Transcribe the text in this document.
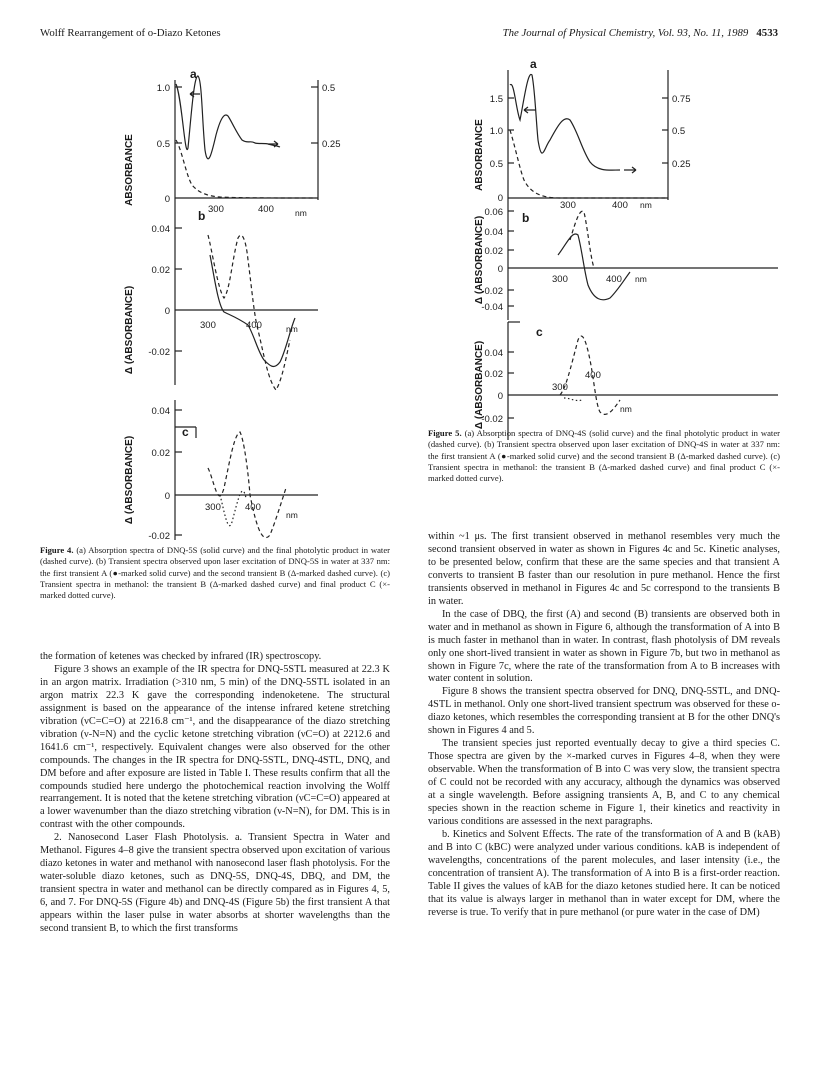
Wolff Rearrangement of o-Diazo Ketones	The Journal of Physical Chemistry, Vol. 93, No. 11, 1989 4533
ABSORBANCE
Δ (ABSORBANCE)
Δ (ABSORBANCE)
a
1.0
0.5
0
0.5
0.25
b 300	400 nm
0.04
0.02
0
-0.02
300	400	nm
c
0.04
0.02
0
-0.02
300	400
nm
Figure 4. (a) Absorption spectra of DNQ-5S (solid curve) and the final photolytic product in water (dashed curve). (b) Transient spectra observed upon laser excitation of DNQ-5S in water at 337 nm: the first transient A (●-marked solid curve) and the second transient B (Δ-marked dashed curve). (c) Transient spectra in methanol: the transient B (Δ-marked dashed curve) and final product C (×-marked dotted curve).
ABSORBANCE
Δ (ABSORBANCE)
Δ (ABSORBANCE)
a
1.5
1.0
0.5
0
0.75
0.5
0.25
b
300	400 nm
0.06
0.04
0.02
0
-0.02
-0.04
300	400 nm
c
0.04
0.02
0
-0.02
300
400
nm
Figure 5. (a) Absorption spectra of DNQ-4S (solid curve) and the final photolytic product in water (dashed curve). (b) Transient spectra observed upon laser excitation of DNQ-4S in water at 337 nm: the first transient A (●-marked solid curve) and the second transient B (Δ-marked dashed curve). (c) Transient spectra in methanol: the transient B (Δ-marked dashed curve) and final product C (×-marked dotted curve).

the formation of ketenes was checked by infrared (IR) spectroscopy.

Figure 3 shows an example of the IR spectra for DNQ-5STL measured at 22.3 K in an argon matrix. Irradiation (>310 nm, 5 min) of the DNQ-5STL isolated in an argon matrix 22.3 K gave the corresponding indenoketene. The structural assignment is based on the appearance of the intense infrared ketene stretching vibration (νC=C=O) at 2216.8 cm⁻¹, and the disappearance of the diazo stretching vibration (ν-N=N) and the cyclic ketone stretching vibration (νC=O) at 2212.6 and 1641.6 cm⁻¹, respectively. Equivalent changes were also observed for the other compounds. The changes in the IR spectra for DNQ-5STL, DNQ-4STL, DNQ, and DM before and after exposure are listed in Table I. These results confirm that all the compounds studied here undergo the photochemical reaction involving the Wolff rearrangement. It is noted that the ketene stretching vibration (νC=C=O) appeared at a lower wavenumber than the diazo stretching vibration (ν-N=N), for DM. This is in contrast with the other compounds.

2. Nanosecond Laser Flash Photolysis. a. Transient Spectra in Water and Methanol. Figures 4–8 give the transient spectra observed upon excitation of various diazo ketones in water and methanol with nanosecond laser flash photolysis. For the water-soluble diazo ketones, such as DNQ-5S, DNQ-4S, DBQ, and DM, the transient spectra in water and methanol can be directly compared as in Figures 4, 5, 6, and 7. For DNQ-5S (Figure 4b) and DNQ-4S (Figure 5b) the first transient A that appears within the laser pulse in water absorbs at shorter wavelengths than the second transient B, to which the first transforms

within ~1 μs. The first transient observed in methanol resembles very much the second transient observed in water as shown in Figures 4c and 5c. Kinetic analyses, to be presented below, confirm that these are the same species and that transient A converts to transient B faster than our resolution in pure methanol. Hence the first transients observed in methanol in Figures 4c and 5c correspond to the transients B in water.

In the case of DBQ, the first (A) and second (B) transients are observed both in water and in methanol as shown in Figure 6, although the transformation of A into B is much faster in methanol than in water. In contrast, flash photolysis of DM reveals only one short-lived transient in water as shown in Figure 7b, but two in methanol as shown in Figure 7c, where the rate of the transformation from A to B increases with water content in solution.

Figure 8 shows the transient spectra observed for DNQ, DNQ-5STL, and DNQ-4STL in methanol. Only one short-lived transient spectrum was observed for these o-diazo ketones, which resembles the corresponding transient at B for the other DNQ's shown in Figures 4 and 5.

The transient species just reported eventually decay to give a third species C. Those spectra are given by the ×-marked curves in Figures 4–8, when they were observable. When the transformation of B into C was very slow, the transient spectra of C could not be recorded with any accuracy, although the dynamics was observed at a single wavelength. Before assigning transients A, B, and C to any chemical species shown in the reaction scheme in Figure 1, their kinetics and reactivity in various conditions are assessed in the next paragraphs.

b. Kinetics and Solvent Effects. The rate of the transformation of A and B (kAB) and B into C (kBC) were analyzed under various conditions. kAB is independent of wavelengths, concentrations of the parent molecules, and laser intensity (i.e., the concentration of transient A). The transformation of A into B is a first-order reaction. Table II gives the values of kAB for the diazo ketones studied here. It can be noticed that its value is always larger in methanol than in water except for DM, where the reverse is true. To verify that in pure methanol (or pure water in the case of DM)
